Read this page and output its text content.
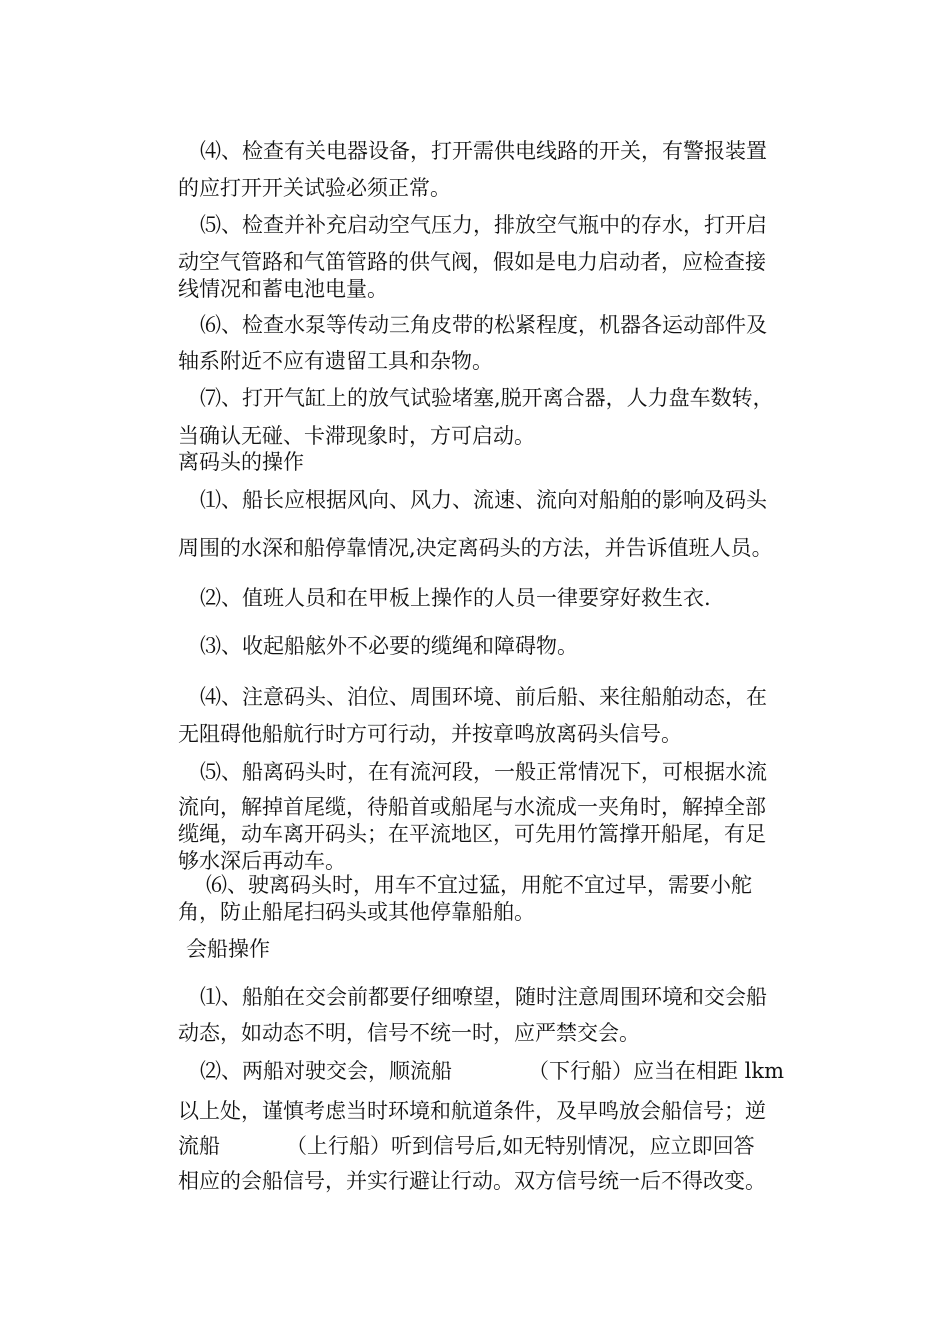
⑷、检查有关电器设备，打开需供电线路的开关，有警报装置
的应打开开关试验必须正常。
⑸、检查并补充启动空气压力，排放空气瓶中的存水，打开启
动空气管路和气笛管路的供气阀，假如是电力启动者，应检查接
线情况和蓄电池电量。
⑹、检查水泵等传动三角皮带的松紧程度，机器各运动部件及
轴系附近不应有遗留工具和杂物。
⑺、打开气缸上的放气试验堵塞,脱开离合器，人力盘车数转，
当确认无碰、卡滞现象时，方可启动。
离码头的操作
⑴、船长应根据风向、风力、流速、流向对船舶的影响及码头
周围的水深和船停靠情况,决定离码头的方法，并告诉值班人员。
⑵、值班人员和在甲板上操作的人员一律要穿好救生衣.
⑶、收起船舷外不必要的缆绳和障碍物。
⑷、注意码头、泊位、周围环境、前后船、来往船舶动态，在
无阻碍他船航行时方可行动，并按章鸣放离码头信号。
⑸、船离码头时，在有流河段，一般正常情况下，可根据水流
流向，解掉首尾缆，待船首或船尾与水流成一夹角时，解掉全部
缆绳，动车离开码头；在平流地区，可先用竹篙撑开船尾，有足
够水深后再动车。
⑹、驶离码头时，用车不宜过猛，用舵不宜过早，需要小舵
角，防止船尾扫码头或其他停靠船舶。
会船操作
⑴、船舶在交会前都要仔细嘹望，随时注意周围环境和交会船
动态，如动态不明，信号不统一时，应严禁交会。
⑵、两船对驶交会，顺流船	（下行船）应当在相距 lkm
以上处，谨慎考虑当时环境和航道条件，及早鸣放会船信号；逆
流船	（上行船）听到信号后,如无特别情况，应立即回答
相应的会船信号，并实行避让行动。双方信号统一后不得改变。
